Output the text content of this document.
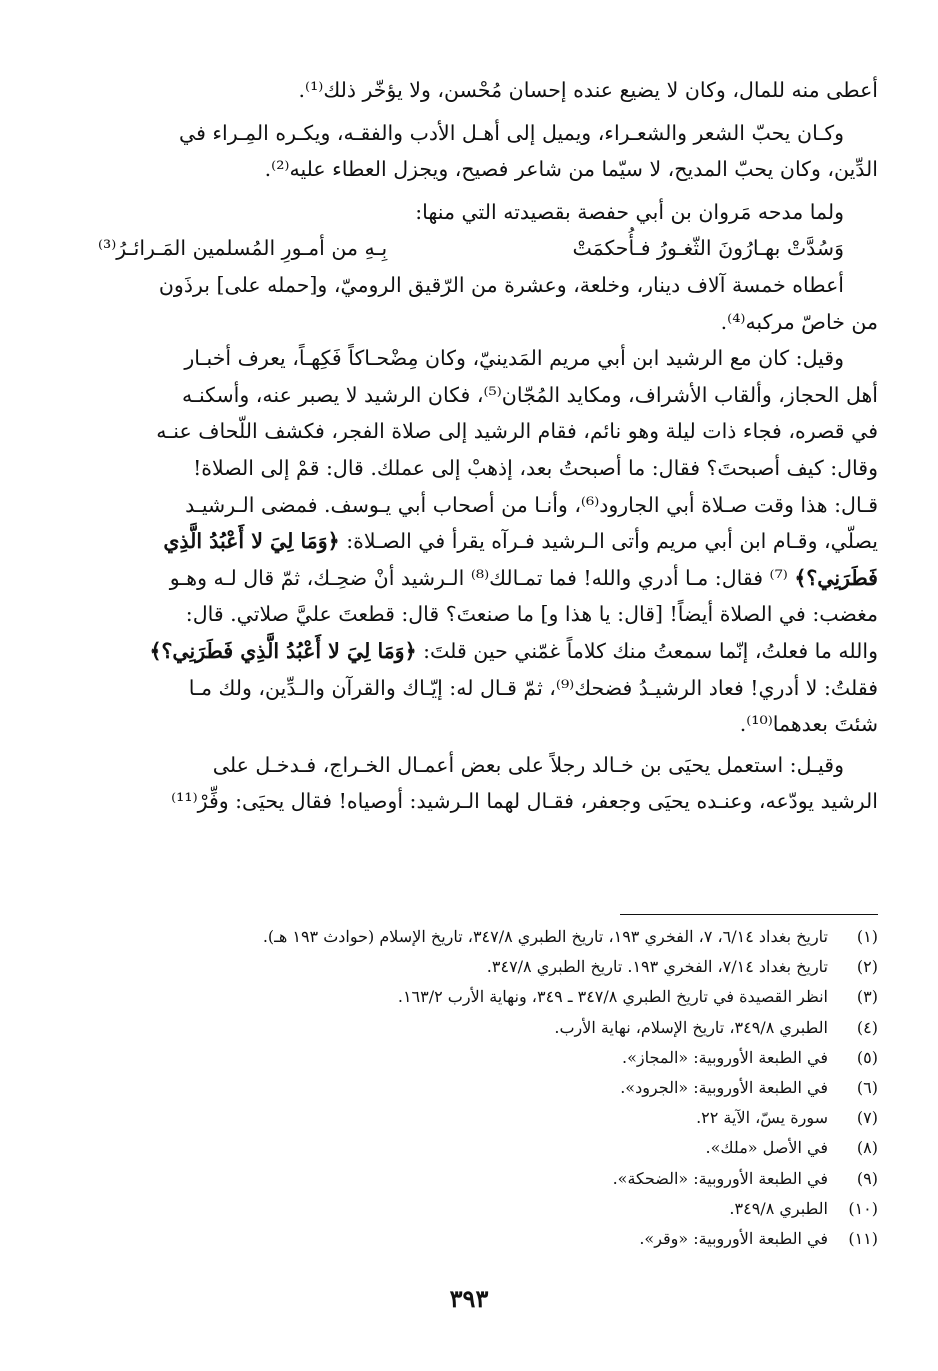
أعطى منه للمال، وكان لا يضيع عنده إحسان مُحْسن، ولا يؤخّر ذلك⁽¹⁾.
وكـان يحبّ الشعر والشعـراء، ويميل إلى أهـل الأدب والفقـه، ويكـره المِـراء في
الدِّين، وكان يحبّ المديح، لا سيّما من شاعر فصيح، ويجزل العطاء عليه⁽²⁾.
ولما مدحه مَروان بن أبي حفصة بقصيدته التي منها:
وَسُدَّتْ بهـارُونَ الثّغـورُ فـأُحكمَتْ
بِـهِ من أمـورِ المُسلمين المَـرائـرُ⁽³⁾
أعطاه خمسة آلاف دينار، وخلعة، وعشرة من الرّقيق الروميّ، و[حمله على] برذَون
من خاصّ مركبه⁽⁴⁾.
وقيل: كان مع الرشيد ابن أبي مريم المَدينيّ، وكان مِضْحـاكاً فَكِهـاً، يعرف أخبـار
أهل الحجاز، وألقاب الأشراف، ومكايد المُجّان⁽⁵⁾، فكان الرشيد لا يصبر عنه، وأسكنـه
في قصره، فجاء ذات ليلة وهو نائم، فقام الرشيد إلى صلاة الفجر، فكشف اللّحاف عنـه
وقال: كيف أصبحتَ؟ فقال: ما أصبحتُ بعد، إذهبْ إلى عملك. قال: قمْ إلى الصلاة!
قـال: هذا وقت صـلاة أبي الجارود⁽⁶⁾، وأنـا من أصحاب أبي يـوسف. فمضى الـرشيـد
يصلّي، وقـام ابن أبي مريم وأتى الـرشيد فـرآه يقرأ في الصـلاة: ﴿وَمَا لِيَ لا أَعْبُدُ الَّذِي
فَطَرَنِي؟﴾ ⁽⁷⁾ فقال: مـا أدري والله! فما تمـالك⁽⁸⁾ الـرشيد أنْ ضحِـك، ثمّ قال لـه وهـو
مغضب: في الصلاة أيضاً! [قال: يا هذا و] ما صنعتَ؟ قال: قطعتَ عليَّ صلاتي. قال:
والله ما فعلتُ، إنّما سمعتُ منك كلاماً غمّني حين قلتَ: ﴿وَمَا لِيَ لا أَعْبُدُ الَّذِي فَطَرَنِي؟﴾
فقلتُ: لا أدري! فعاد الرشيـدُ فضحك⁽⁹⁾، ثمّ قـال له: إيّـاك والقرآن والـدِّين، ولك مـا
شئتَ بعدهما⁽¹⁰⁾.
وقيـل: استعمل يحيَى بن خـالد رجلاً على بعض أعمـال الخـراج، فـدخـل على
الرشيد يودّعه، وعنـده يحيَى وجعفر، فقـال لهما الـرشيد: أوصياه! فقال يحيَى: وفِّرْ⁽¹¹⁾
(١)
تاريخ بغداد ٦/١٤، ٧، الفخري ١٩٣، تاريخ الطبري ٣٤٧/٨، تاريخ الإسلام (حوادث ١٩٣ هـ).
(٢)
تاريخ بغداد ٧/١٤، الفخري ١٩٣. تاريخ الطبري ٣٤٧/٨.
(٣)
انظر القصيدة في تاريخ الطبري ٣٤٧/٨ ـ ٣٤٩، ونهاية الأرب ١٦٣/٢.
(٤)
الطبري ٣٤٩/٨، تاريخ الإسلام، نهاية الأرب.
(٥)
في الطبعة الأوروبية: «المجاز».
(٦)
في الطبعة الأوروبية: «الجرود».
(٧)
سورة يسّ، الآية ٢٢.
(٨)
في الأصل «ملك».
(٩)
في الطبعة الأوروبية: «الضحكة».
(١٠)
الطبري ٣٤٩/٨.
(١١)
في الطبعة الأوروبية: «وقر».
٣٩٣
